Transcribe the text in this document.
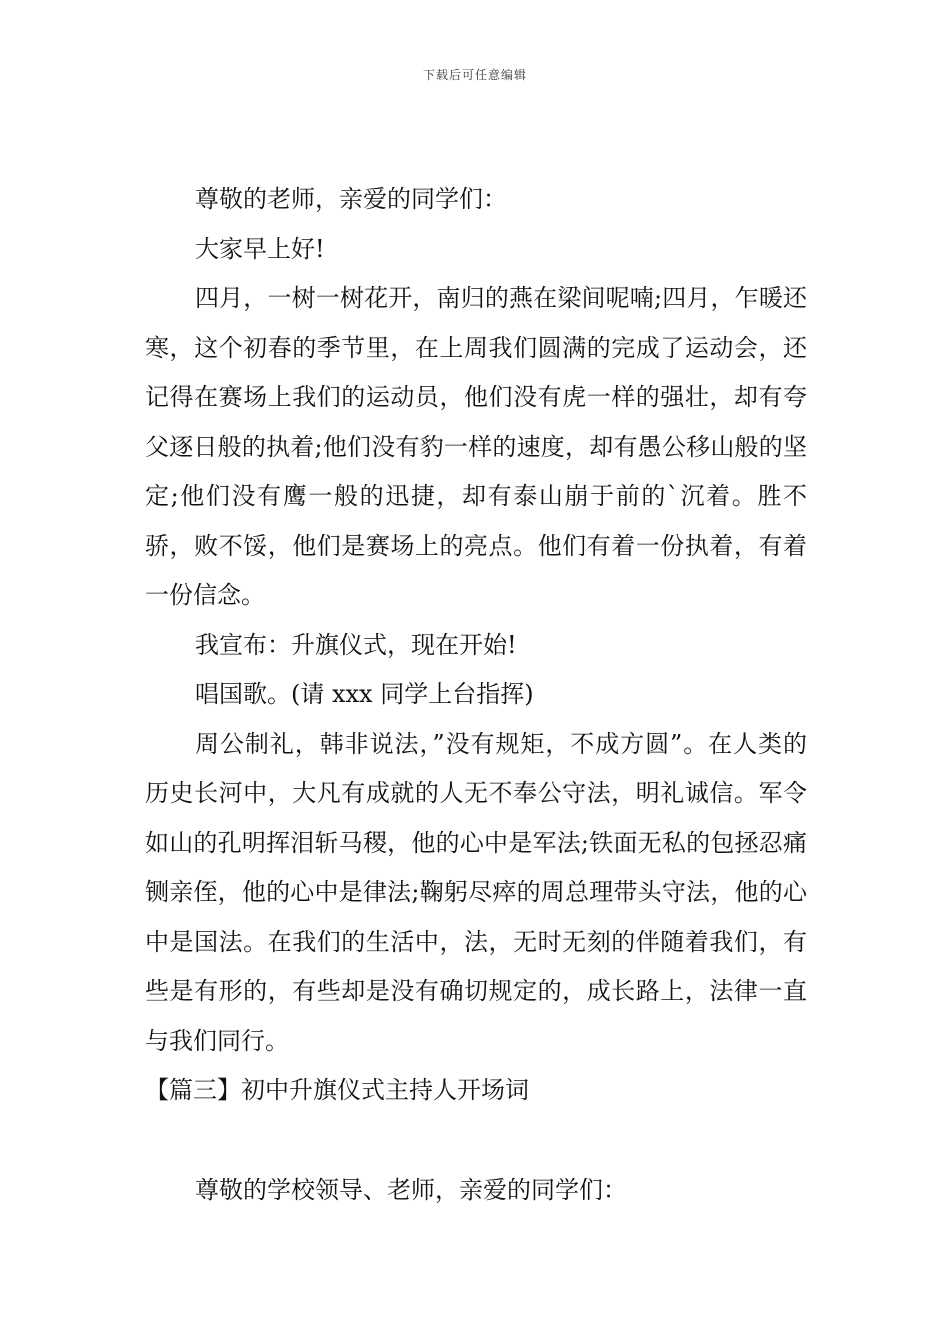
下载后可任意编辑

尊敬的老师，亲爱的同学们：

大家早上好!

四月，一树一树花开，南归的燕在梁间呢喃;四月，乍暖还寒，这个初春的季节里，在上周我们圆满的完成了运动会，还记得在赛场上我们的运动员，他们没有虎一样的强壮，却有夸父逐日般的执着;他们没有豹一样的速度，却有愚公移山般的坚定;他们没有鹰一般的迅捷，却有泰山崩于前的`沉着。胜不骄，败不馁，他们是赛场上的亮点。他们有着一份执着，有着一份信念。

我宣布：升旗仪式，现在开始!

唱国歌。(请 xxx 同学上台指挥)

周公制礼，韩非说法，”没有规矩，不成方圆”。在人类的历史长河中，大凡有成就的人无不奉公守法，明礼诚信。军令如山的孔明挥泪斩马稷，他的心中是军法;铁面无私的包拯忍痛铡亲侄，他的心中是律法;鞠躬尽瘁的周总理带头守法，他的心中是国法。在我们的生活中，法，无时无刻的伴随着我们，有些是有形的，有些却是没有确切规定的，成长路上，法律一直与我们同行。

【篇三】初中升旗仪式主持人开场词

尊敬的学校领导、老师，亲爱的同学们：
